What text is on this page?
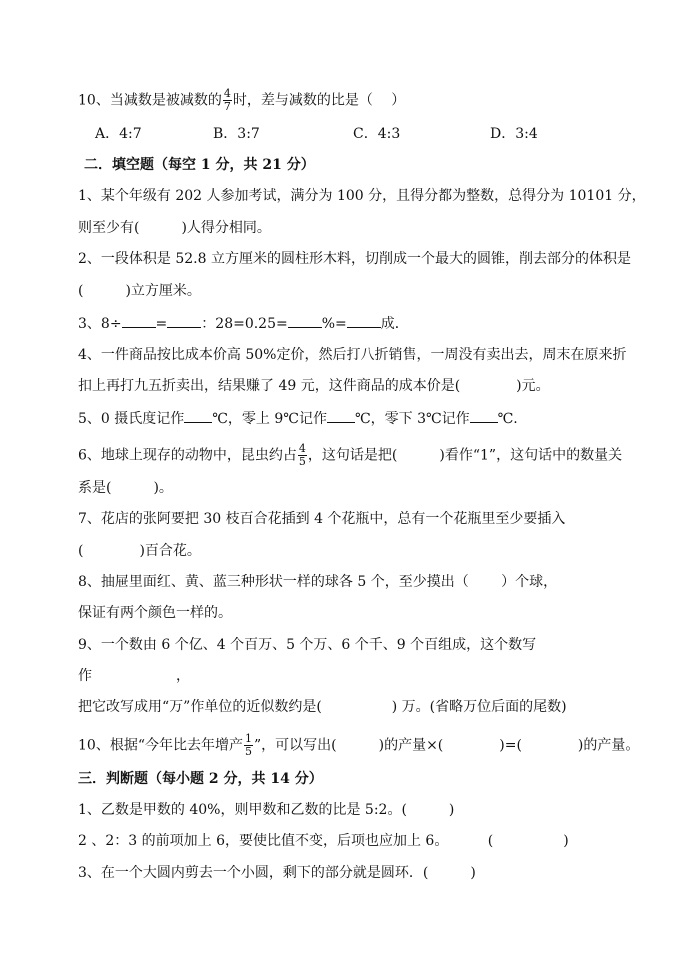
10、当减数是被减数的 $\frac{4}{7}$ 时，差与减数的比是（　 ）
A．4:7	B．3:7	C．4:3	D．3:4
二．填空题（每空 1 分，共 21 分）
1、某个年级有 202 人参加考试，满分为 100 分，且得分都为整数，总得分为 10101 分，
则至少有(　　　)人得分相同。
2、一段体积是 52.8 立方厘米的圆柱形木料，切削成一个最大的圆锥，削去部分的体积是
(　　　)立方厘米。
3、8÷ = ：28=0.25= %= 成．
4、一件商品按比成本价高 50%定价，然后打八折销售，一周没有卖出去，周末在原来折
扣上再打九五折卖出，结果赚了 49 元，这件商品的成本价是(　　　　)元。
5、0 摄氏度记作 ℃，零上 9℃记作 ℃，零下 3℃记作 ℃.
6、地球上现存的动物中，昆虫约占 $\frac{4}{5}$ ，这句话是把(　　　)看作“1”，这句话中的数量关
系是(　　　)。
7、花店的张阿要把 30 枝百合花插到 4 个花瓶中，总有一个花瓶里至少要插入
(　　　　)百合花。
8、抽屉里面红、黄、蓝三种形状一样的球各 5 个，至少摸出（　　 ）个球，
保证有两个颜色一样的。
9、一个数由 6 个亿、4 个百万、5 个万、6 个千、9 个百组成，这个数写
作　　　　　　，
把它改写成用“万”作单位的近似数约是(　　　　　) 万。(省略万位后面的尾数)
10、根据“今年比去年增产 $\frac{1}{5}$ ”，可以写出(　　　)的产量×(　　　　)=(　　　　)的产量。
三．判断题（每小题 2 分，共 14 分）
1、乙数是甲数的 40%，则甲数和乙数的比是 5:2。(　　　)
2 、2：3 的前项加上 6，要使比值不变，后项也应加上 6。　　　 (　　　　　)
3、在一个大圆内剪去一个小圆，剩下的部分就是圆环．(　　　)
